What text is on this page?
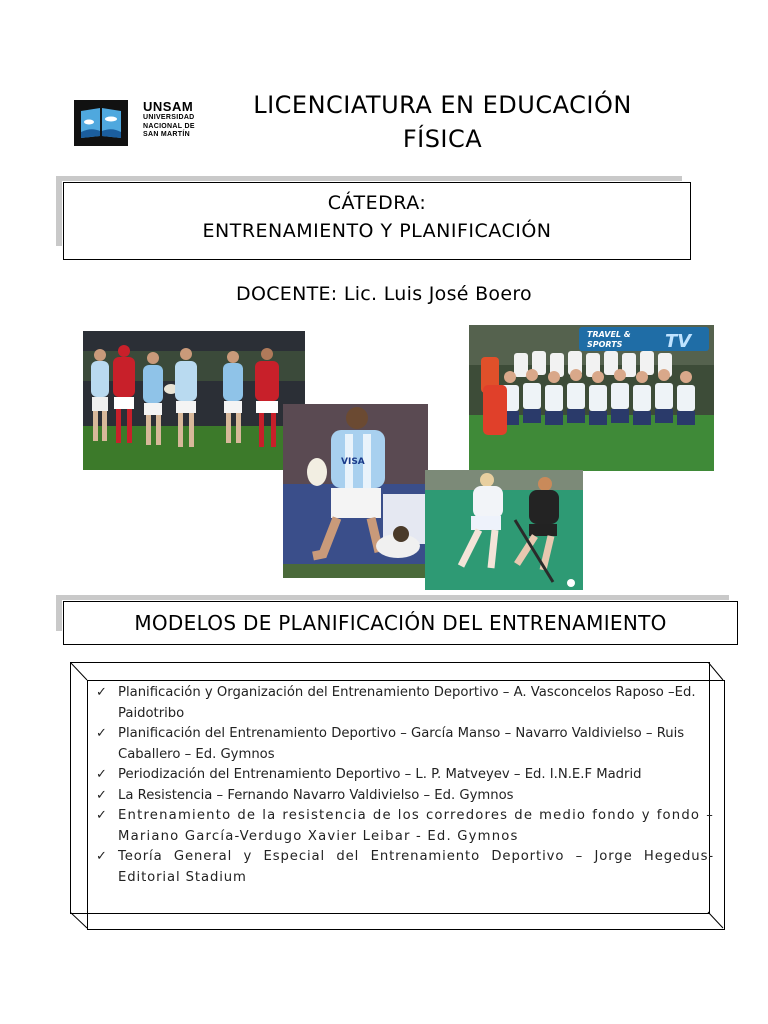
UNSAM
UNIVERSIDAD
NACIONAL DE
SAN MARTÍN
LICENCIATURA EN EDUCACIÓN
FÍSICA
CÁTEDRA:
ENTRENAMIENTO Y PLANIFICACIÓN
DOCENTE: Lic. Luis José Boero
TRAVEL &
SPORTS TV
VISA
MODELOS DE PLANIFICACIÓN DEL ENTRENAMIENTO
✓ Planificación y Organización del Entrenamiento Deportivo – A. Vasconcelos Raposo –Ed. Paidotribo
✓ Planificación del Entrenamiento Deportivo – García Manso – Navarro Valdivielso – Ruis Caballero – Ed. Gymnos
✓ Periodización del Entrenamiento Deportivo – L. P. Matveyev – Ed. I.N.E.F Madrid
✓ La Resistencia – Fernando Navarro Valdivielso – Ed. Gymnos
✓ Entrenamiento de la resistencia de los corredores de medio fondo y fondo – Mariano García-Verdugo Xavier Leibar - Ed. Gymnos
✓ Teoría General y Especial del Entrenamiento Deportivo – Jorge Hegedus- Editorial Stadium
